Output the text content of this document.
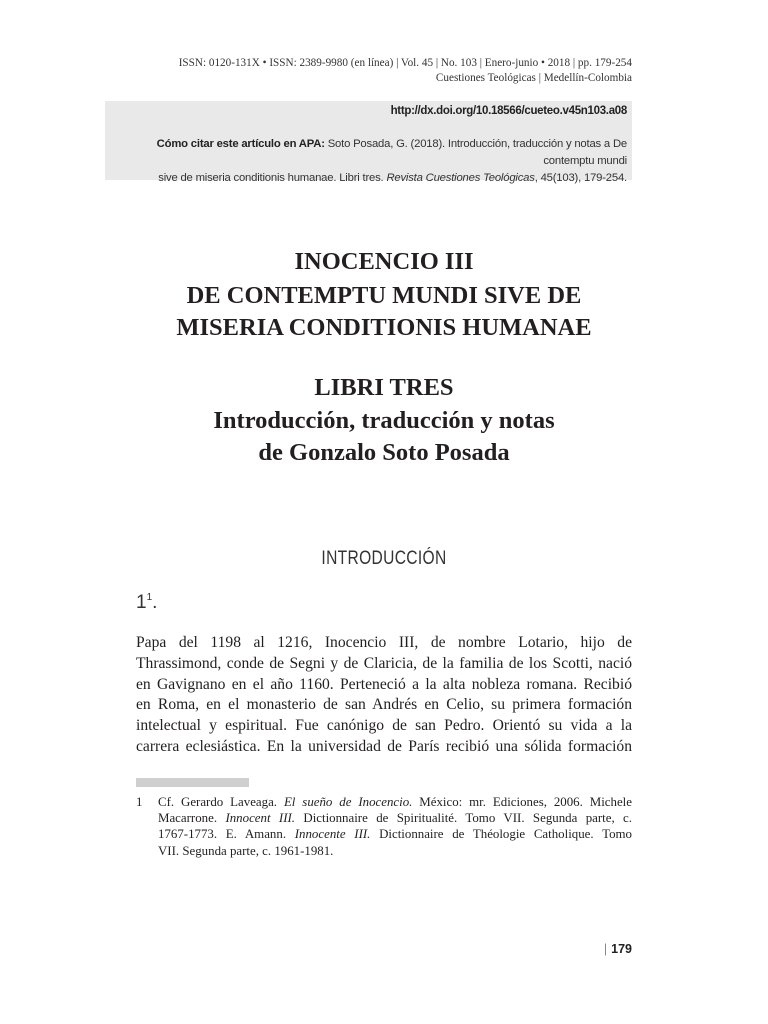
ISSN: 0120-131X • ISSN: 2389-9980 (en línea) | Vol. 45 | No. 103 | Enero-junio • 2018 | pp. 179-254
Cuestiones Teológicas | Medellín-Colombia
http://dx.doi.org/10.18566/cueteo.v45n103.a08
Cómo citar este artículo en APA: Soto Posada, G. (2018). Introducción, traducción y notas a De contemptu mundi
sive de miseria conditionis humanae. Libri tres. Revista Cuestiones Teológicas, 45(103), 179-254.
INOCENCIO III
DE CONTEMPTU MUNDI SIVE DE
MISERIA CONDITIONIS HUMANAE
LIBRI TRES
Introducción, traducción y notas
de Gonzalo Soto Posada
INTRODUCCIÓN
$1^1$.
Papa del 1198 al 1216, Inocencio III, de nombre Lotario, hijo de
Thrassimond, conde de Segni y de Claricia, de la familia de los Scotti, nació
en Gavignano en el año 1160. Perteneció a la alta nobleza romana. Recibió
en Roma, en el monasterio de san Andrés en Celio, su primera formación
intelectual y espiritual. Fue canónigo de san Pedro. Orientó su vida a la
carrera eclesiástica. En la universidad de París recibió una sólida formación
1 Cf. Gerardo Laveaga. El sueño de Inocencio. México: mr. Ediciones, 2006. Michele
Macarrone. Innocent III. Dictionnaire de Spiritualité. Tomo VII. Segunda parte, c.
1767-1773. E. Amann. Innocente III. Dictionnaire de Théologie Catholique. Tomo
VII. Segunda parte, c. 1961-1981.
| 179
